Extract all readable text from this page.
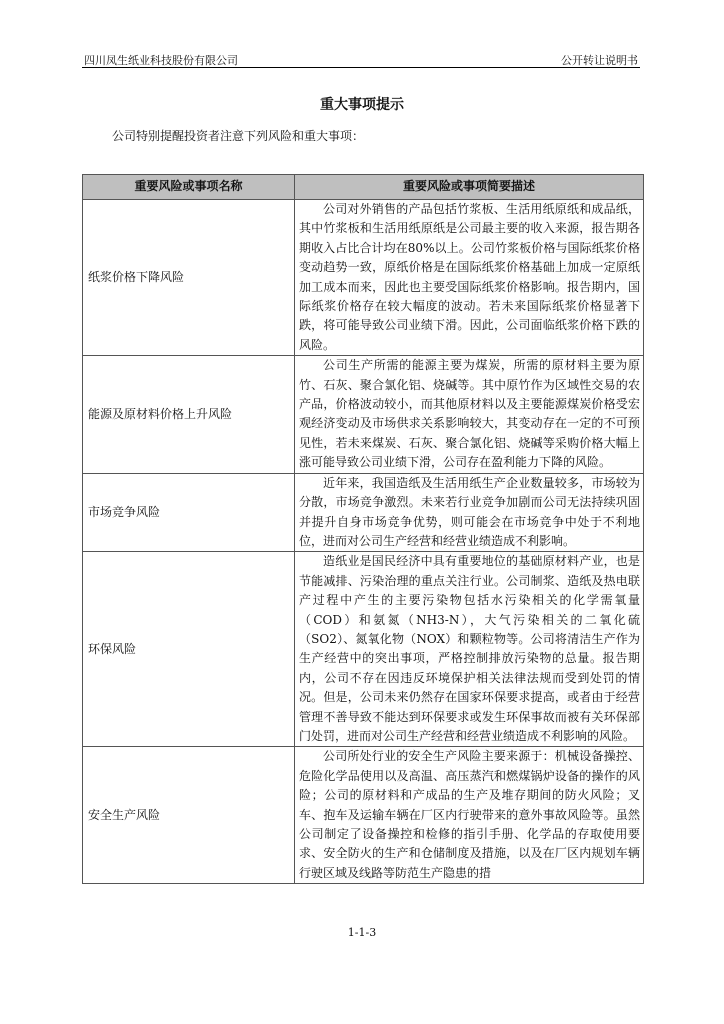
四川凤生纸业科技股份有限公司	公开转让说明书
重大事项提示
公司特别提醒投资者注意下列风险和重大事项：
重要风险或事项名称	重要风险或事项简要描述
纸浆价格下降风险	公司对外销售的产品包括竹浆板、生活用纸原纸和成品纸，其中竹浆板和生活用纸原纸是公司最主要的收入来源，报告期各期收入占比合计均在80%以上。公司竹浆板价格与国际纸浆价格变动趋势一致，原纸价格是在国际纸浆价格基础上加成一定原纸加工成本而来，因此也主要受国际纸浆价格影响。报告期内，国际纸浆价格存在较大幅度的波动。若未来国际纸浆价格显著下跌，将可能导致公司业绩下滑。因此，公司面临纸浆价格下跌的风险。
能源及原材料价格上升风险	公司生产所需的能源主要为煤炭，所需的原材料主要为原竹、石灰、聚合氯化铝、烧碱等。其中原竹作为区域性交易的农产品，价格波动较小，而其他原材料以及主要能源煤炭价格受宏观经济变动及市场供求关系影响较大，其变动存在一定的不可预见性，若未来煤炭、石灰、聚合氯化铝、烧碱等采购价格大幅上涨可能导致公司业绩下滑，公司存在盈利能力下降的风险。
市场竞争风险	近年来，我国造纸及生活用纸生产企业数量较多，市场较为分散，市场竞争激烈。未来若行业竞争加剧而公司无法持续巩固并提升自身市场竞争优势，则可能会在市场竞争中处于不利地位，进而对公司生产经营和经营业绩造成不利影响。
环保风险	造纸业是国民经济中具有重要地位的基础原材料产业，也是节能减排、污染治理的重点关注行业。公司制浆、造纸及热电联产过程中产生的主要污染物包括水污染相关的化学需氧量（COD）和氨氮（NH3-N），大气污染相关的二氧化硫（SO2）、氮氧化物（NOX）和颗粒物等。公司将清洁生产作为生产经营中的突出事项，严格控制排放污染物的总量。报告期内，公司不存在因违反环境保护相关法律法规而受到处罚的情况。但是，公司未来仍然存在国家环保要求提高，或者由于经营管理不善导致不能达到环保要求或发生环保事故而被有关环保部门处罚，进而对公司生产经营和经营业绩造成不利影响的风险。
安全生产风险	公司所处行业的安全生产风险主要来源于：机械设备操控、危险化学品使用以及高温、高压蒸汽和燃煤锅炉设备的操作的风险；公司的原材料和产成品的生产及堆存期间的防火风险；叉车、抱车及运输车辆在厂区内行驶带来的意外事故风险等。虽然公司制定了设备操控和检修的指引手册、化学品的存取使用要求、安全防火的生产和仓储制度及措施，以及在厂区内规划车辆行驶区域及线路等防范生产隐患的措
1-1-3
